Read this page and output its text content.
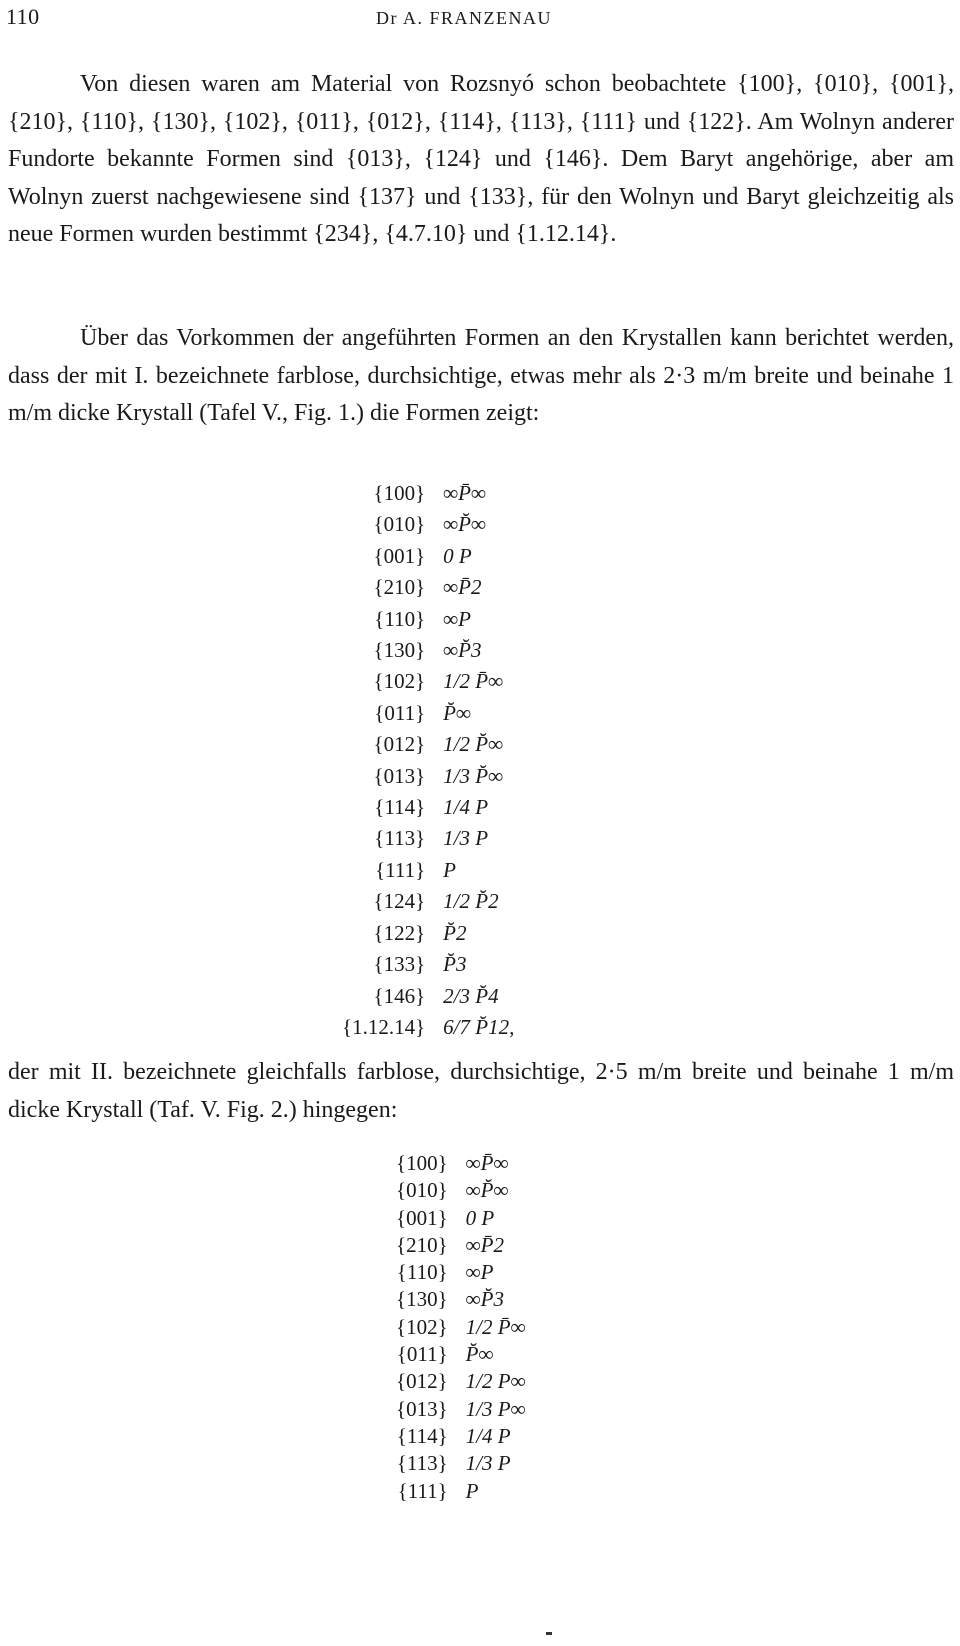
110	Dr A. FRANZENAU

Von diesen waren am Material von Rozsnyó schon beobachtete {100}, {010}, {001}, {210}, {110}, {130}, {102}, {011}, {012}, {114}, {113}, {111} und {122}. Am Wolnyn anderer Fundorte bekannte Formen sind {013}, {124} und {146}. Dem Baryt angehörige, aber am Wolnyn zuerst nachgewiesene sind {137} und {133}, für den Wolnyn und Baryt gleichzeitig als neue Formen wurden bestimmt {234}, {4.7.10} und {1.12.14}.

Über das Vorkommen der angeführten Formen an den Krystallen kann berichtet werden, dass der mit I. bezeichnete farblose, durchsichtige, etwas mehr als 2·3 m/m breite und beinahe 1 m/m dicke Krystall (Tafel V., Fig. 1.) die Formen zeigt:

{100}	∞P̄∞
{010}	∞P̆∞
{001}	0 P
{210}	∞P̄2
{110}	∞P
{130}	∞P̆3
{102}	1/2 P̄∞
{011}	P̆∞
{012}	1/2 P̆∞
{013}	1/3 P̆∞
{114}	1/4 P
{113}	1/3 P
{111}	P
{124}	1/2 P̆2
{122}	P̆2
{133}	P̆3
{146}	2/3 P̆4
{1.12.14}	6/7 P̆12,

der mit II. bezeichnete gleichfalls farblose, durchsichtige, 2·5 m/m breite und beinahe 1 m/m dicke Krystall (Taf. V. Fig. 2.) hingegen:

{100}	∞P̄∞
{010}	∞P̆∞
{001}	0 P
{210}	∞P̄2
{110}	∞P
{130}	∞P̆3
{102}	1/2 P̄∞
{011}	P̆∞
{012}	1/2 P∞
{013}	1/3 P∞
{114}	1/4 P
{113}	1/3 P
{111}	P
